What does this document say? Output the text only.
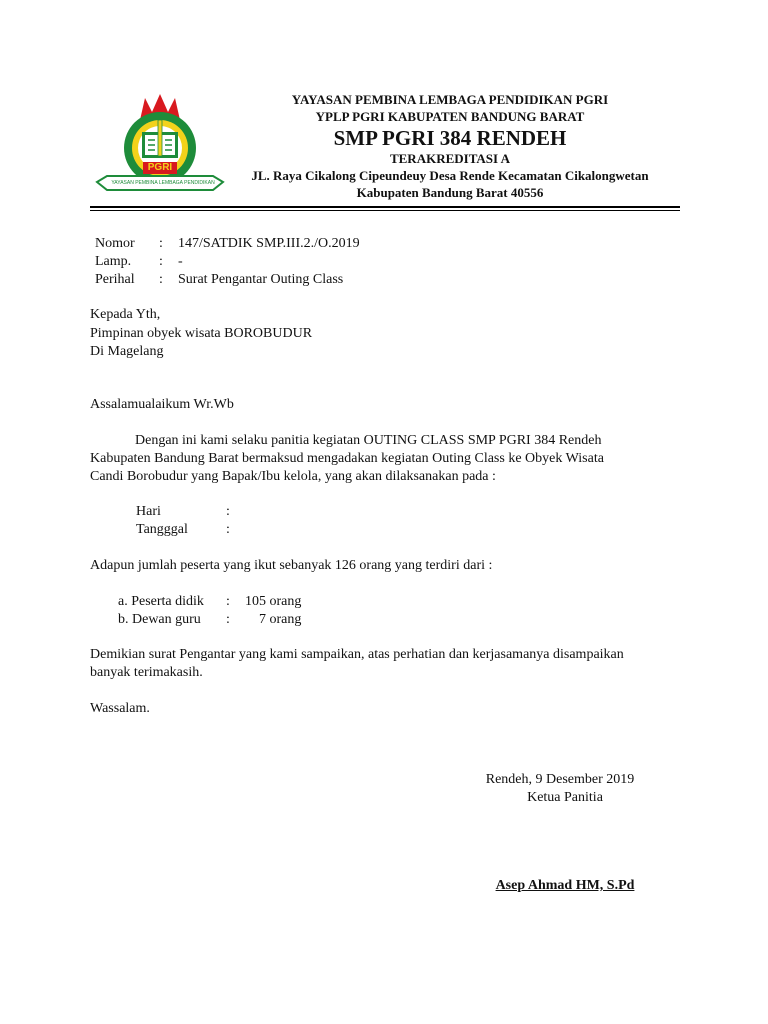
PGRI
YAYASAN PEMBINA LEMBAGA PENDIDIKAN
YAYASAN PEMBINA LEMBAGA PENDIDIKAN PGRI
YPLP PGRI KABUPATEN BANDUNG BARAT
SMP PGRI 384 RENDEH
TERAKREDITASI A
JL. Raya Cikalong Cipeundeuy Desa Rende Kecamatan Cikalongwetan
Kabupaten Bandung Barat 40556
Nomor : 147/SATDIK SMP.III.2./O.2019
Lamp. : -
Perihal : Surat Pengantar Outing Class
Kepada Yth,
Pimpinan obyek wisata BOROBUDUR
Di Magelang
Assalamualaikum Wr.Wb
Dengan ini kami selaku panitia kegiatan OUTING CLASS SMP PGRI 384 Rendeh
Kabupaten Bandung Barat bermaksud mengadakan kegiatan Outing Class ke Obyek Wisata
Candi Borobudur yang Bapak/Ibu kelola, yang akan dilaksanakan pada :
Hari	:
Tangggal	:
Adapun jumlah peserta yang ikut sebanyak 126 orang yang terdiri dari :
a. Peserta didik : 105 orang
b. Dewan guru : 7 orang
Demikian surat Pengantar yang kami sampaikan, atas perhatian dan kerjasamanya disampaikan
banyak terimakasih.
Wassalam.
Rendeh, 9 Desember 2019
Ketua Panitia
Asep Ahmad HM, S.Pd
